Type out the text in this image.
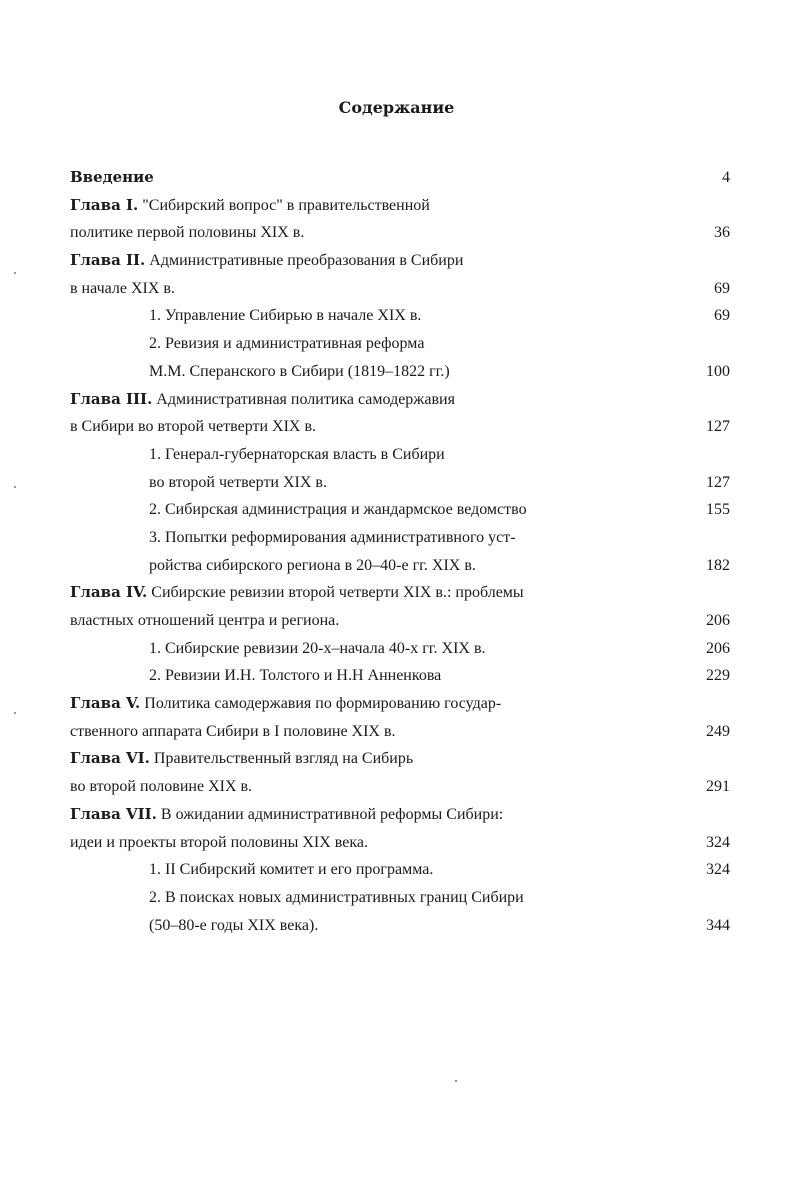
Содержание
Введение	4
Глава I. "Сибирский вопрос" в правительственной
политике первой половины XIX в.	36
Глава II. Административные преобразования в Сибири
в начале XIX в.	69
1. Управление Сибирью в начале XIX в.	69
2. Ревизия и административная реформа
М.М. Сперанского в Сибири (1819–1822 гг.)	100
Глава III. Административная политика самодержавия
в Сибири во второй четверти XIX в.	127
1. Генерал-губернаторская власть в Сибири
во второй четверти XIX в.	127
2. Сибирская администрация и жандармское ведомство	155
3. Попытки реформирования административного уст-
ройства сибирского региона в 20–40-е гг. XIX в.	182
Глава IV. Сибирские ревизии второй четверти XIX в.: проблемы
властных отношений центра и региона.	206
1. Сибирские ревизии 20-х–начала 40-х гг. XIX в.	206
2. Ревизии И.Н. Толстого и Н.Н Анненкова	229
Глава V. Политика самодержавия по формированию государ-
ственного аппарата Сибири в I половине XIX в.	249
Глава VI. Правительственный взгляд на Сибирь
во второй половине XIX в.	291
Глава VII. В ожидании административной реформы Сибири:
идеи и проекты второй половины XIX века.	324
1. II Сибирский комитет и его программа.	324
2. В поисках новых административных границ Сибири
(50–80-е годы XIX века).	344
